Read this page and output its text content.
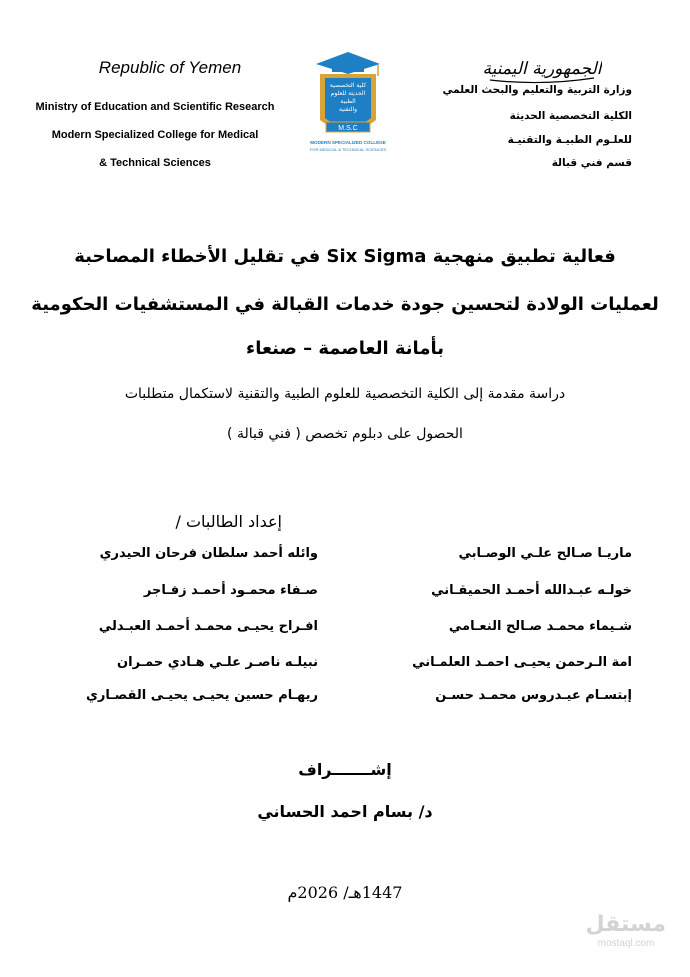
Republic of Yemen
Ministry of Education and Scientific Research
Modern Specialized College for Medical
& Technical Sciences
كلية التخصصية
الحديثة للعلوم
الطبية
والتقنية
M.S.C
MODERN SPECIALIZED COLLEGE
FOR MEDICAL & TECHNICAL SCIENCES
الجمهورية اليمنية
وزارة التربية والتعليم والبحث العلمي
الكلية التخصصية الحديثة
للعلـوم الطبيـة والتقنيـة
قسم فني قبالة
فعالية تطبيق منهجية Six Sigma في تقليل الأخطاء المصاحبة
لعمليات الولادة لتحسين جودة خدمات القبالة في المستشفيات الحكومية
بأمانة العاصمة – صنعاء
دراسة مقدمة إلى الكلية التخصصية للعلوم الطبية والتقنية لاستكمال متطلبات
الحصول على دبلوم تخصص ( فني قبالة )
إعداد الطالبات /
ماريـا صـالح علـي الوصـابي
خولـه عبـدالله أحمـد الحميقـاني
شـيماء محمـد صـالح النعـامي
امة الـرحمن يحيـى احمـد العلمـاني
إبتسـام عيـدروس محمـد حسـن
وائله أحمد سلطان فرحان الحيدري
صـفاء محمـود أحمـد زفـاجر
افـراح يحيـى محمـد أحمـد العبـدلي
نبيلـه ناصـر علـي هـادي حمـران
ريهـام حسين يحيـى يحيـى القصـاري
إشـــــــراف
د/ بسام احمد الحساني
1447هـ/ 2026م
مستقل
mostaql.com
